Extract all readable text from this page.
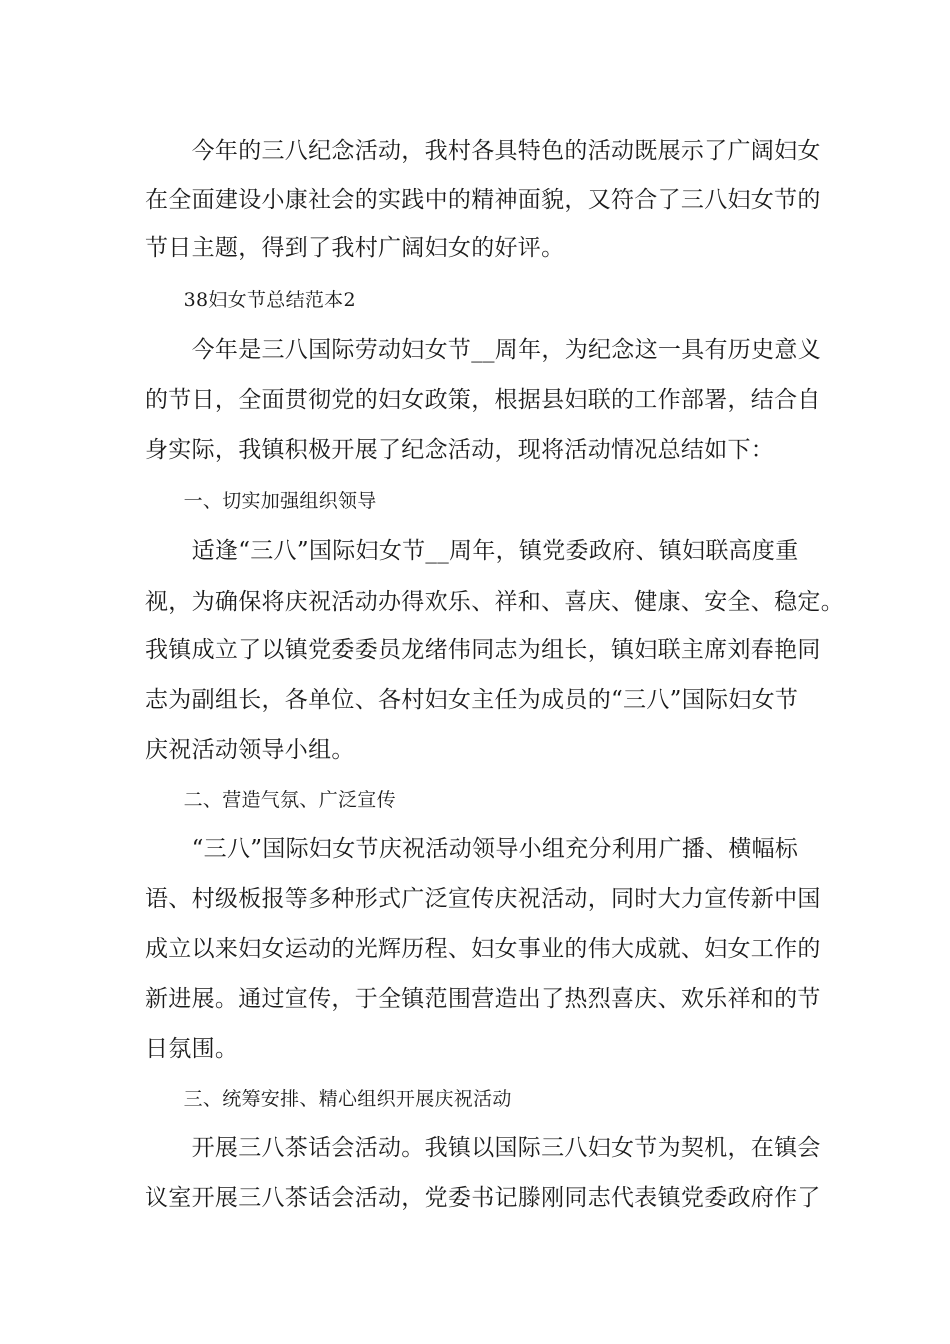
　　今年的三八纪念活动，我村各具特色的活动既展示了广阔妇女
在全面建设小康社会的实践中的精神面貌，又符合了三八妇女节的
节日主题，得到了我村广阔妇女的好评。
　　38妇女节总结范本2
　　今年是三八国际劳动妇女节__周年，为纪念这一具有历史意义
的节日，全面贯彻党的妇女政策，根据县妇联的工作部署，结合自
身实际，我镇积极开展了纪念活动，现将活动情况总结如下：
　　一、切实加强组织领导
　　适逢“三八”国际妇女节__周年，镇党委政府、镇妇联高度重
视，为确保将庆祝活动办得欢乐、祥和、喜庆、健康、安全、稳定。
我镇成立了以镇党委委员龙绪伟同志为组长，镇妇联主席刘春艳同
志为副组长，各单位、各村妇女主任为成员的“三八”国际妇女节
庆祝活动领导小组。
　　二、营造气氛、广泛宣传
　　“三八”国际妇女节庆祝活动领导小组充分利用广播、横幅标
语、村级板报等多种形式广泛宣传庆祝活动，同时大力宣传新中国
成立以来妇女运动的光辉历程、妇女事业的伟大成就、妇女工作的
新进展。通过宣传，于全镇范围营造出了热烈喜庆、欢乐祥和的节
日氛围。
　　三、统筹安排、精心组织开展庆祝活动
　　开展三八茶话会活动。我镇以国际三八妇女节为契机，在镇会
议室开展三八茶话会活动，党委书记滕刚同志代表镇党委政府作了
